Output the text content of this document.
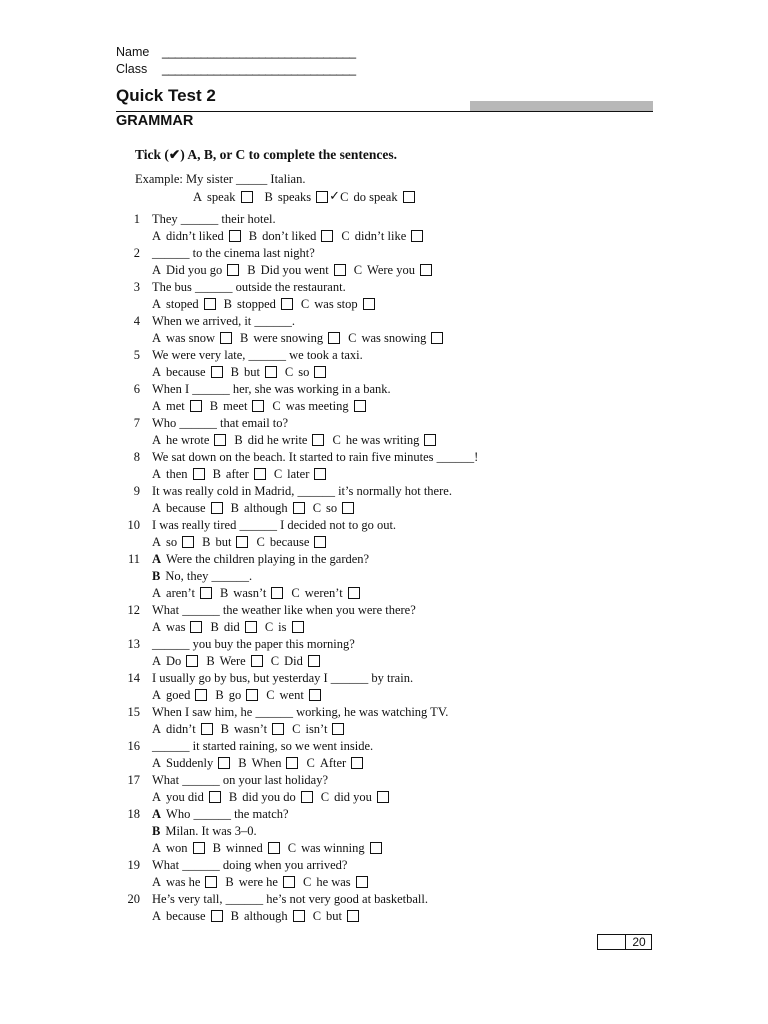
Name ______________________________
Class ______________________________
Quick Test 2
GRAMMAR
Tick (✔) A, B, or C to complete the sentences.
Example: My sister _____ Italian.
A speak B speaks
✓ C do speak
1 They ______ their hotel.
A didn’t liked B don’t liked C didn’t like
2 ______ to the cinema last night?
A Did you go B Did you went C Were you
3 The bus ______ outside the restaurant.
A stoped B stopped C was stop
4 When we arrived, it ______.
A was snow B were snowing C was snowing
5 We were very late, ______ we took a taxi.
A because B but C so
6 When I ______ her, she was working in a bank.
A met B meet C was meeting
7 Who ______ that email to?
A he wrote B did he write C he was writing
8 We sat down on the beach. It started to rain five minutes ______!
A then B after C later
9 It was really cold in Madrid, ______ it’s normally hot there.
A because B although C so
10 I was really tired ______ I decided not to go out.
A so B but C because
11 A Were the children playing in the garden?
B No, they ______.
A aren’t B wasn’t C weren’t
12 What ______ the weather like when you were there?
A was B did C is
13 ______ you buy the paper this morning?
A Do B Were C Did
14 I usually go by bus, but yesterday I ______ by train.
A goed B go C went
15 When I saw him, he ______ working, he was watching TV.
A didn’t B wasn’t C isn’t
16 ______ it started raining, so we went inside.
A Suddenly B When C After
17 What ______ on your last holiday?
A you did B did you do C did you
18 A Who ______ the match?
B Milan. It was 3–0.
A won B winned C was winning
19 What ______ doing when you arrived?
A was he B were he C he was
20 He’s very tall, ______ he’s not very good at basketball.
A because B although C but
20
